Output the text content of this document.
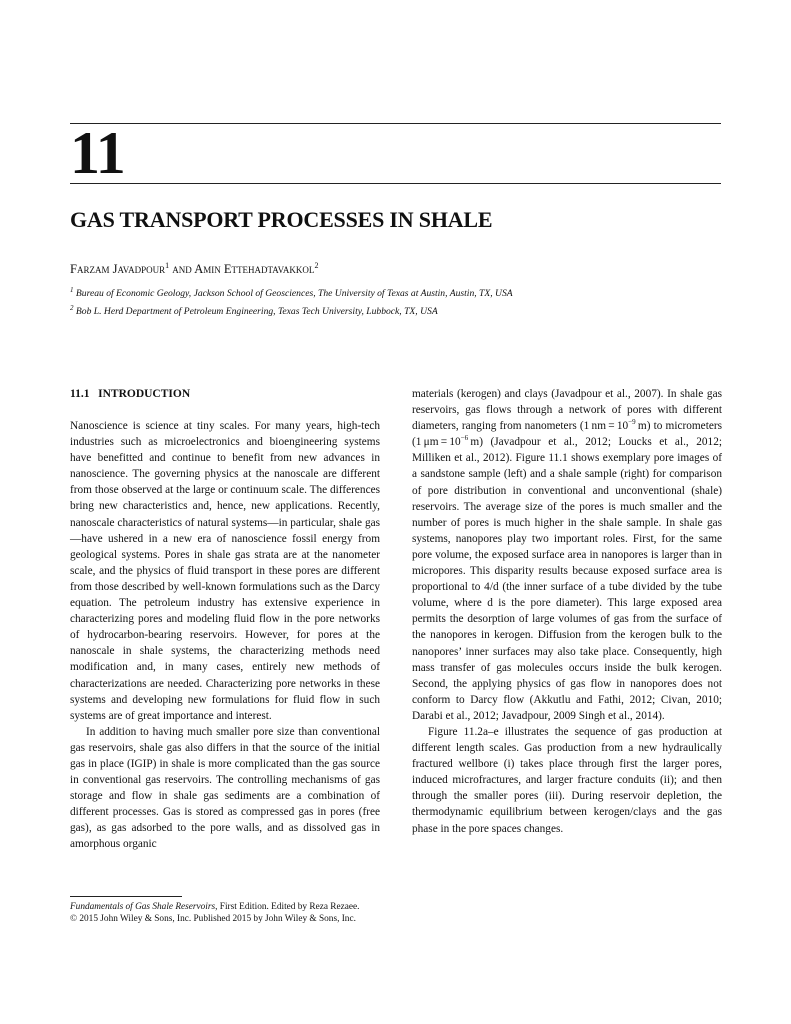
11
GAS TRANSPORT PROCESSES IN SHALE
Farzam Javadpour$^1$ and Amin Ettehadtavakkol$^2$
$^1$ Bureau of Economic Geology, Jackson School of Geosciences, The University of Texas at Austin, Austin, TX, USA
$^2$ Bob L. Herd Department of Petroleum Engineering, Texas Tech University, Lubbock, TX, USA
11.1   INTRODUCTION

Nanoscience is science at tiny scales. For many years, high-tech industries such as microelectronics and bioengineering systems have benefitted and continue to benefit from new advances in nanoscience. The governing physics at the nanoscale are different from those observed at the large or continuum scale. The differences bring new characteristics and, hence, new applications. Recently, nanoscale characteristics of natural systems—in particular, shale gas—have ushered in a new era of nanoscience fossil energy from geological systems. Pores in shale gas strata are at the nanometer scale, and the physics of fluid transport in these pores are different from those described by well-known formulations such as the Darcy equation. The petroleum industry has extensive experience in characterizing pores and modeling fluid flow in the pore networks of hydrocarbon-bearing reservoirs. However, for pores at the nanoscale in shale systems, the characterizing methods need modification and, in many cases, entirely new methods of characterizations are needed. Characterizing pore networks in these systems and developing new formulations for fluid flow in such systems are of great importance and interest.

In addition to having much smaller pore size than conventional gas reservoirs, shale gas also differs in that the source of the initial gas in place (IGIP) in shale is more complicated than the gas source in conventional gas reservoirs. The controlling mechanisms of gas storage and flow in shale gas sediments are a combination of different processes. Gas is stored as compressed gas in pores (free gas), as gas adsorbed to the pore walls, and as dissolved gas in amorphous organic

materials (kerogen) and clays (Javadpour et al., 2007). In shale gas reservoirs, gas flows through a network of pores with different diameters, ranging from nanometers (1 nm = $10^{-9}$ m) to micrometers (1 $\mu m = 10^{-6}$ m) (Javadpour et al., 2012; Loucks et al., 2012; Milliken et al., 2012). Figure 11.1 shows exemplary pore images of a sandstone sample (left) and a shale sample (right) for comparison of pore distribution in conventional and unconventional (shale) reservoirs. The average size of the pores is much smaller and the number of pores is much higher in the shale sample. In shale gas systems, nanopores play two important roles. First, for the same pore volume, the exposed surface area in nanopores is larger than in micropores. This disparity results because exposed surface area is proportional to 4/d (the inner surface of a tube divided by the tube volume, where d is the pore diameter). This large exposed area permits the desorption of large volumes of gas from the surface of the nanopores in kerogen. Diffusion from the kerogen bulk to the nanopores’ inner surfaces may also take place. Consequently, high mass transfer of gas molecules occurs inside the bulk kerogen. Second, the applying physics of gas flow in nanopores does not conform to Darcy flow (Akkutlu and Fathi, 2012; Civan, 2010; Darabi et al., 2012; Javadpour, 2009 Singh et al., 2014).

Figure 11.2a–e illustrates the sequence of gas production at different length scales. Gas production from a new hydraulically fractured wellbore (i) takes place through first the larger pores, induced microfractures, and larger fracture conduits (ii); and then through the smaller pores (iii). During reservoir depletion, the thermodynamic equilibrium between kerogen/clays and the gas phase in the pore spaces changes.

Fundamentals of Gas Shale Reservoirs, First Edition. Edited by Reza Rezaee.
© 2015 John Wiley & Sons, Inc. Published 2015 by John Wiley & Sons, Inc.
